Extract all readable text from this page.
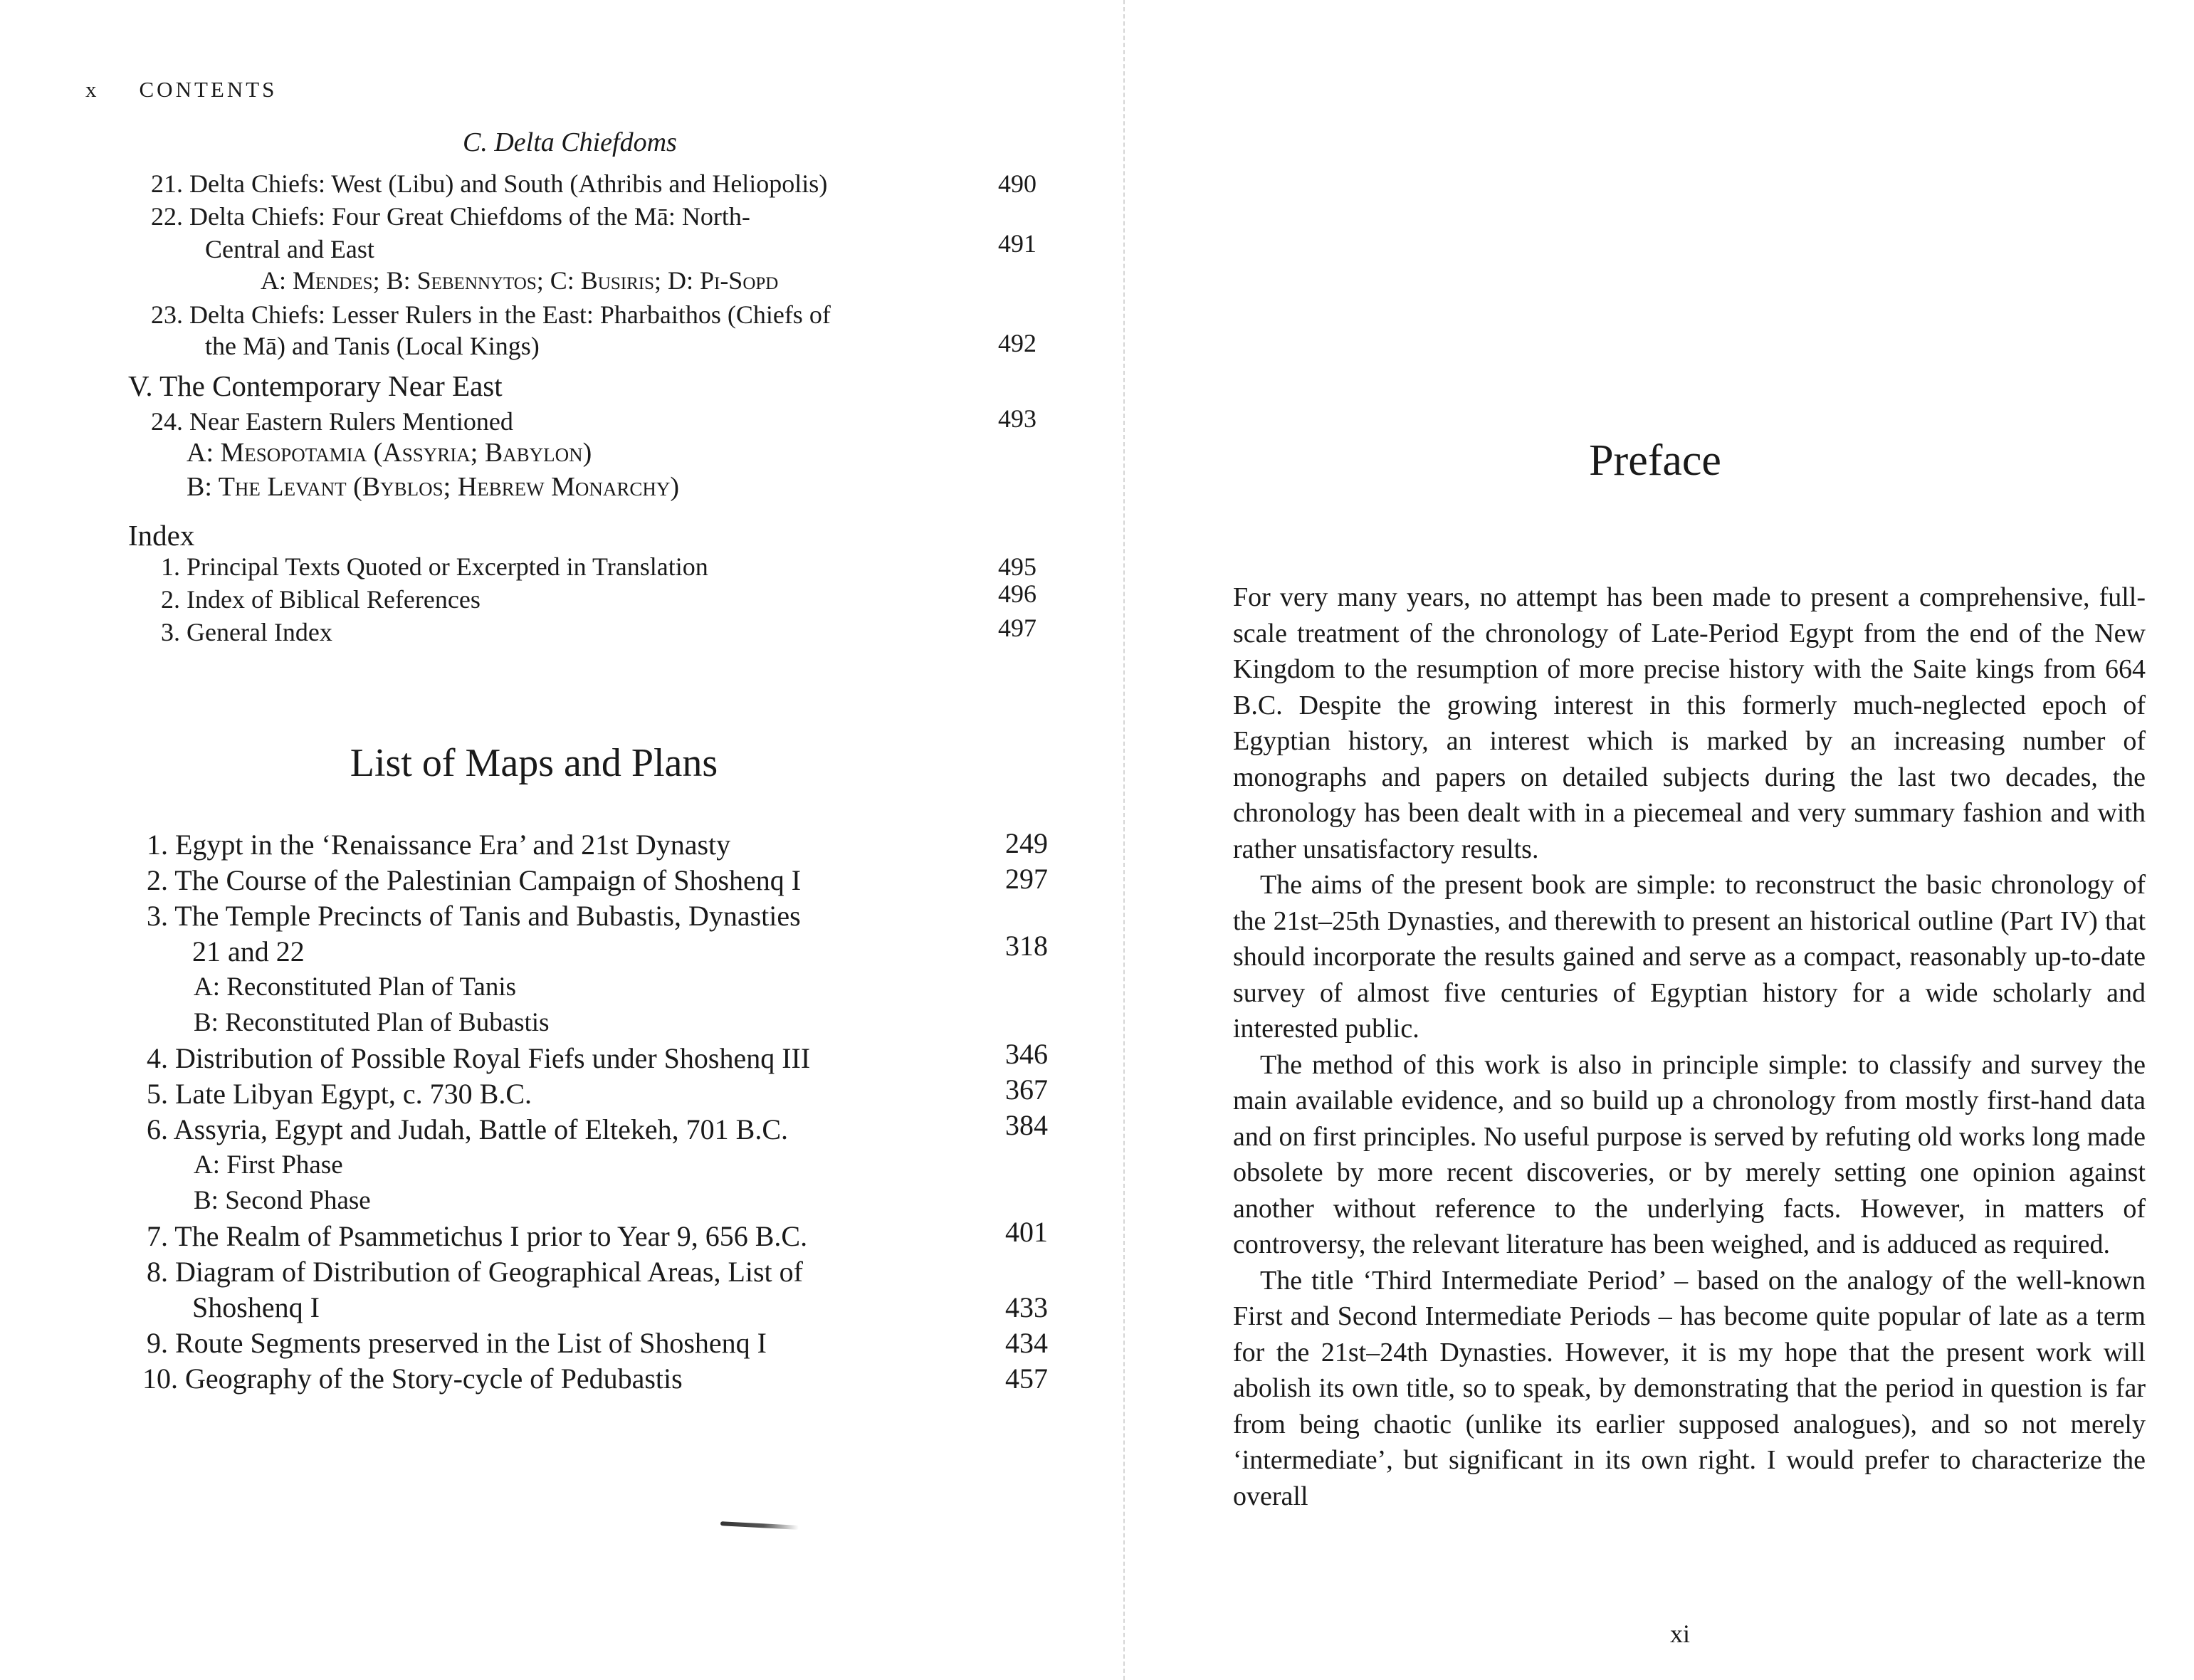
x CONTENTS
C. Delta Chiefdoms
21. Delta Chiefs: West (Libu) and South (Athribis and Heliopolis)	490
22. Delta Chiefs: Four Great Chiefdoms of the Mā: North-
Central and East	491
A: Mendes; B: Sebennytos; C: Busiris; D: Pi-Sopd
23. Delta Chiefs: Lesser Rulers in the East: Pharbaithos (Chiefs of
the Mā) and Tanis (Local Kings)	492
V. The Contemporary Near East
24. Near Eastern Rulers Mentioned	493
A: Mesopotamia (Assyria; Babylon)
B: The Levant (Byblos; Hebrew Monarchy)
Index
1. Principal Texts Quoted or Excerpted in Translation	495
2. Index of Biblical References	496
3. General Index	497
List of Maps and Plans
1. Egypt in the ‘Renaissance Era’ and 21st Dynasty	249
2. The Course of the Palestinian Campaign of Shoshenq I	297
3. The Temple Precincts of Tanis and Bubastis, Dynasties
21 and 22	318
A: Reconstituted Plan of Tanis
B: Reconstituted Plan of Bubastis
4. Distribution of Possible Royal Fiefs under Shoshenq III	346
5. Late Libyan Egypt, c. 730 B.C.	367
6. Assyria, Egypt and Judah, Battle of Eltekeh, 701 B.C.	384
A: First Phase
B: Second Phase
7. The Realm of Psammetichus I prior to Year 9, 656 B.C.	401
8. Diagram of Distribution of Geographical Areas, List of
Shoshenq I	433
9. Route Segments preserved in the List of Shoshenq I	434
10. Geography of the Story-cycle of Pedubastis	457
Preface

For very many years, no attempt has been made to present a comprehensive, full-scale treatment of the chronology of Late-Period Egypt from the end of the New Kingdom to the resumption of more precise history with the Saite kings from 664 B.C. Despite the growing interest in this formerly much-neglected epoch of Egyptian history, an interest which is marked by an increasing number of monographs and papers on detailed subjects during the last two decades, the chronology has been dealt with in a piecemeal and very summary fashion and with rather unsatisfactory results.

The aims of the present book are simple: to reconstruct the basic chronology of the 21st–25th Dynasties, and therewith to present an historical outline (Part IV) that should incorporate the results gained and serve as a compact, reasonably up-to-date survey of almost five centuries of Egyptian history for a wide scholarly and interested public.

The method of this work is also in principle simple: to classify and survey the main available evidence, and so build up a chronology from mostly first-hand data and on first principles. No useful purpose is served by refuting old works long made obsolete by more recent discoveries, or by merely setting one opinion against another without reference to the underlying facts. However, in matters of controversy, the relevant literature has been weighed, and is adduced as required.

The title ‘Third Intermediate Period’ – based on the analogy of the well-known First and Second Intermediate Periods – has become quite popular of late as a term for the 21st–24th Dynasties. However, it is my hope that the present work will abolish its own title, so to speak, by demonstrating that the period in question is far from being chaotic (unlike its earlier supposed analogues), and so not merely ‘intermediate’, but significant in its own right. I would prefer to characterize the overall

xi
